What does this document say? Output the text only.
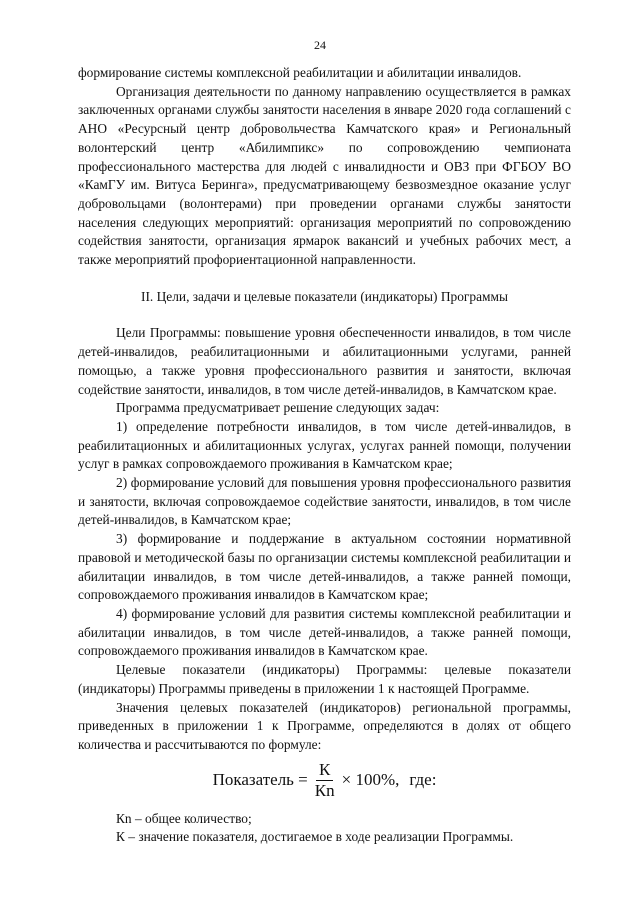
24

формирование системы комплексной реабилитации и абилитации инвалидов.

Организация деятельности по данному направлению осуществляется в рамках заключенных органами службы занятости населения в январе 2020 года соглашений с АНО «Ресурсный центр добровольчества Камчатского края» и Региональный волонтерский центр «Абилимпикс» по сопровождению чемпионата профессионального мастерства для людей с инвалидности и ОВЗ при ФГБОУ ВО «КамГУ им. Витуса Беринга», предусматривающему безвозмездное оказание услуг добровольцами (волонтерами) при проведении органами службы занятости населения следующих мероприятий: организация мероприятий по сопровождению содействия занятости, организация ярмарок вакансий и учебных рабочих мест, а также мероприятий профориентационной направленности.

II. Цели, задачи и целевые показатели (индикаторы) Программы

Цели Программы: повышение уровня обеспеченности инвалидов, в том числе детей-инвалидов, реабилитационными и абилитационными услугами, ранней помощью, а также уровня профессионального развития и занятости, включая содействие занятости, инвалидов, в том числе детей-инвалидов, в Камчатском крае.

Программа предусматривает решение следующих задач:

1) определение потребности инвалидов, в том числе детей-инвалидов, в реабилитационных и абилитационных услугах, услугах ранней помощи, получении услуг в рамках сопровождаемого проживания в Камчатском крае;

2) формирование условий для повышения уровня профессионального развития и занятости, включая сопровождаемое содействие занятости, инвалидов, в том числе детей-инвалидов, в Камчатском крае;

3) формирование и поддержание в актуальном состоянии нормативной правовой и методической базы по организации системы комплексной реабилитации и абилитации инвалидов, в том числе детей-инвалидов, а также ранней помощи, сопровождаемого проживания инвалидов в Камчатском крае;

4) формирование условий для развития системы комплексной реабилитации и абилитации инвалидов, в том числе детей-инвалидов, а также ранней помощи, сопровождаемого проживания инвалидов в Камчатском крае.

Целевые показатели (индикаторы) Программы: целевые показатели (индикаторы) Программы приведены в приложении 1 к настоящей Программе.

Значения целевых показателей (индикаторов) региональной программы, приведенных в приложении 1 к Программе, определяются в долях от общего количества и рассчитываются по формуле:

Показатель = $\frac{К}{Кn} \times 100\%$, где:

Кn – общее количество;

К – значение показателя, достигаемое в ходе реализации Программы.
